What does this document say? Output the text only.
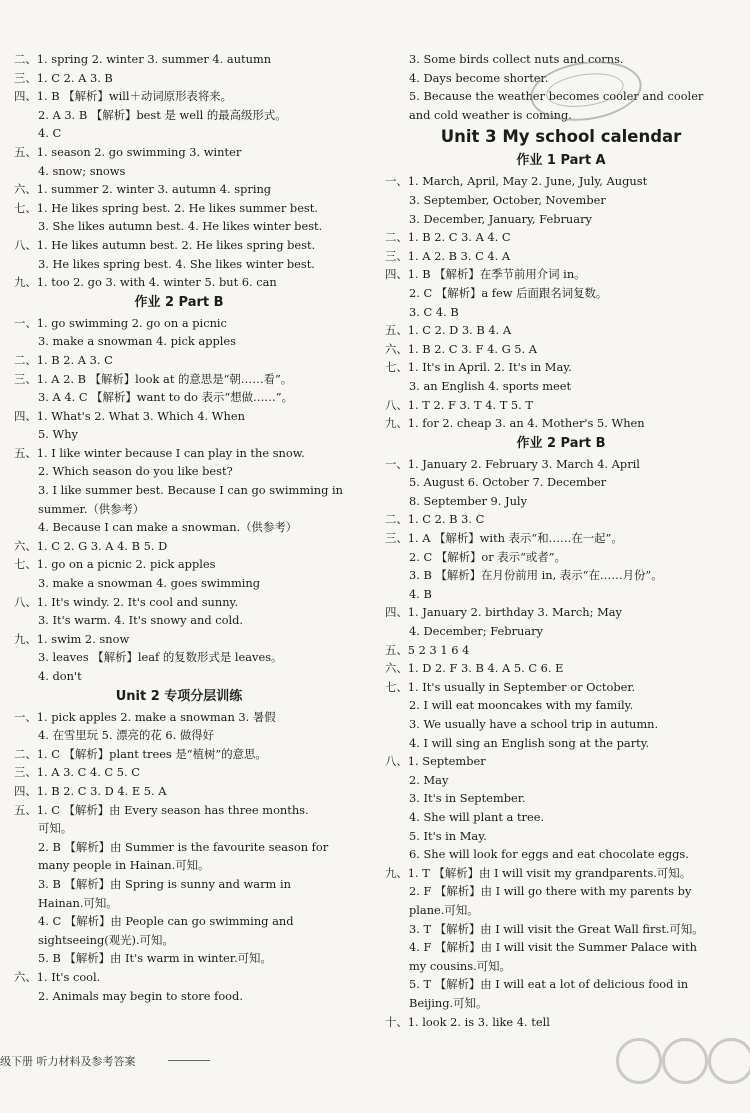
二、1. spring 2. winter 3. summer 4. autumn
三、1. C 2. A 3. B
四、1. B 【解析】will＋动词原形表将来。
2. A 3. B 【解析】best 是 well 的最高级形式。
4. C
五、1. season 2. go swimming 3. winter
4. snow; snows
六、1. summer 2. winter 3. autumn 4. spring
七、1. He likes spring best. 2. He likes summer best.
3. She likes autumn best. 4. He likes winter best.
八、1. He likes autumn best. 2. He likes spring best.
3. He likes spring best. 4. She likes winter best.
九、1. too 2. go 3. with 4. winter 5. but 6. can
作业 2 Part B
一、1. go swimming 2. go on a picnic
3. make a snowman 4. pick apples
二、1. B 2. A 3. C
三、1. A 2. B 【解析】look at 的意思是“朝……看”。
3. A 4. C 【解析】want to do 表示“想做……”。
四、1. What's 2. What 3. Which 4. When
5. Why
五、1. I like winter because I can play in the snow.
2. Which season do you like best?
3. I like summer best. Because I can go swimming in
summer.（供参考）
4. Because I can make a snowman.（供参考）
六、1. C 2. G 3. A 4. B 5. D
七、1. go on a picnic 2. pick apples
3. make a snowman 4. goes swimming
八、1. It's windy. 2. It's cool and sunny.
3. It's warm. 4. It's snowy and cold.
九、1. swim 2. snow
3. leaves 【解析】leaf 的复数形式是 leaves。
4. don't
Unit 2 专项分层训练
一、1. pick apples 2. make a snowman 3. 暑假
4. 在雪里玩 5. 漂亮的花 6. 做得好
二、1. C 【解析】plant trees 是“植树”的意思。
三、1. A 3. C 4. C 5. C
四、1. B 2. C 3. D 4. E 5. A
五、1. C 【解析】由 Every season has three months.
可知。
2. B 【解析】由 Summer is the favourite season for
many people in Hainan.可知。
3. B 【解析】由 Spring is sunny and warm in
Hainan.可知。
4. C 【解析】由 People can go swimming and
sightseeing(观光).可知。
5. B 【解析】由 It's warm in winter.可知。
六、1. It's cool.
2. Animals may begin to store food.
3. Some birds collect nuts and corns.
4. Days become shorter.
5. Because the weather becomes cooler and cooler
and cold weather is coming.
Unit 3 My school calendar
作业 1 Part A
一、1. March, April, May 2. June, July, August
3. September, October, November
3. December, January, February
二、1. B 2. C 3. A 4. C
三、1. A 2. B 3. C 4. A
四、1. B 【解析】在季节前用介词 in。
2. C 【解析】a few 后面跟名词复数。
3. C 4. B
五、1. C 2. D 3. B 4. A
六、1. B 2. C 3. F 4. G 5. A
七、1. It's in April. 2. It's in May.
3. an English 4. sports meet
八、1. T 2. F 3. T 4. T 5. T
九、1. for 2. cheap 3. an 4. Mother's 5. When
作业 2 Part B
一、1. January 2. February 3. March 4. April
5. August 6. October 7. December
8. September 9. July
二、1. C 2. B 3. C
三、1. A 【解析】with 表示“和……在一起”。
2. C 【解析】or 表示“或者”。
3. B 【解析】在月份前用 in, 表示“在……月份”。
4. B
四、1. January 2. birthday 3. March; May
4. December; February
五、5 2 3 1 6 4
六、1. D 2. F 3. B 4. A 5. C 6. E
七、1. It's usually in September or October.
2. I will eat mooncakes with my family.
3. We usually have a school trip in autumn.
4. I will sing an English song at the party.
八、1. September
2. May
3. It's in September.
4. She will plant a tree.
5. It's in May.
6. She will look for eggs and eat chocolate eggs.
九、1. T 【解析】由 I will visit my grandparents.可知。
2. F 【解析】由 I will go there with my parents by
plane.可知。
3. T 【解析】由 I will visit the Great Wall first.可知。
4. F 【解析】由 I will visit the Summer Palace with
my cousins.可知。
5. T 【解析】由 I will eat a lot of delicious food in
Beijing.可知。
十、1. look 2. is 3. like 4. tell
级下册 听力材料及参考答案
